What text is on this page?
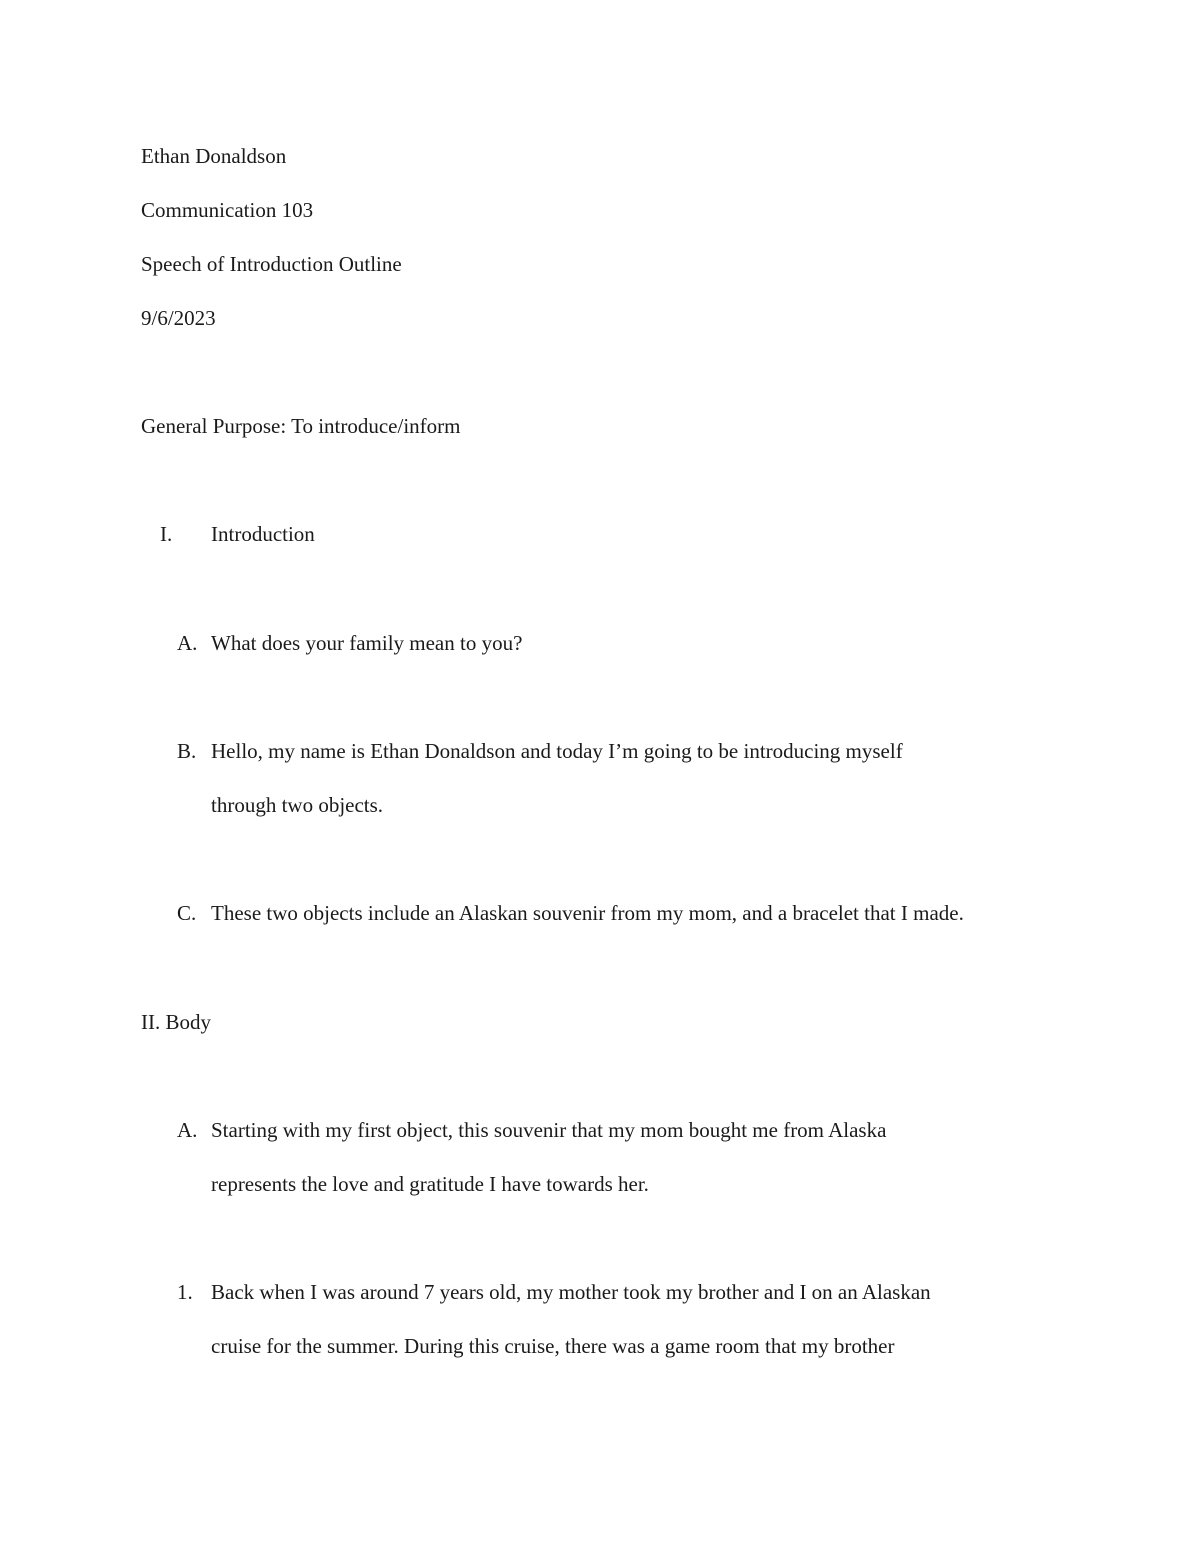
Ethan Donaldson
Communication 103
Speech of Introduction Outline
9/6/2023
General Purpose: To introduce/inform
I. Introduction
A. What does your family mean to you?
B. Hello, my name is Ethan Donaldson and today I’m going to be introducing myself
through two objects.
C. These two objects include an Alaskan souvenir from my mom, and a bracelet that I made.
II. Body
A. Starting with my first object, this souvenir that my mom bought me from Alaska
represents the love and gratitude I have towards her.
1. Back when I was around 7 years old, my mother took my brother and I on an Alaskan
cruise for the summer. During this cruise, there was a game room that my brother
